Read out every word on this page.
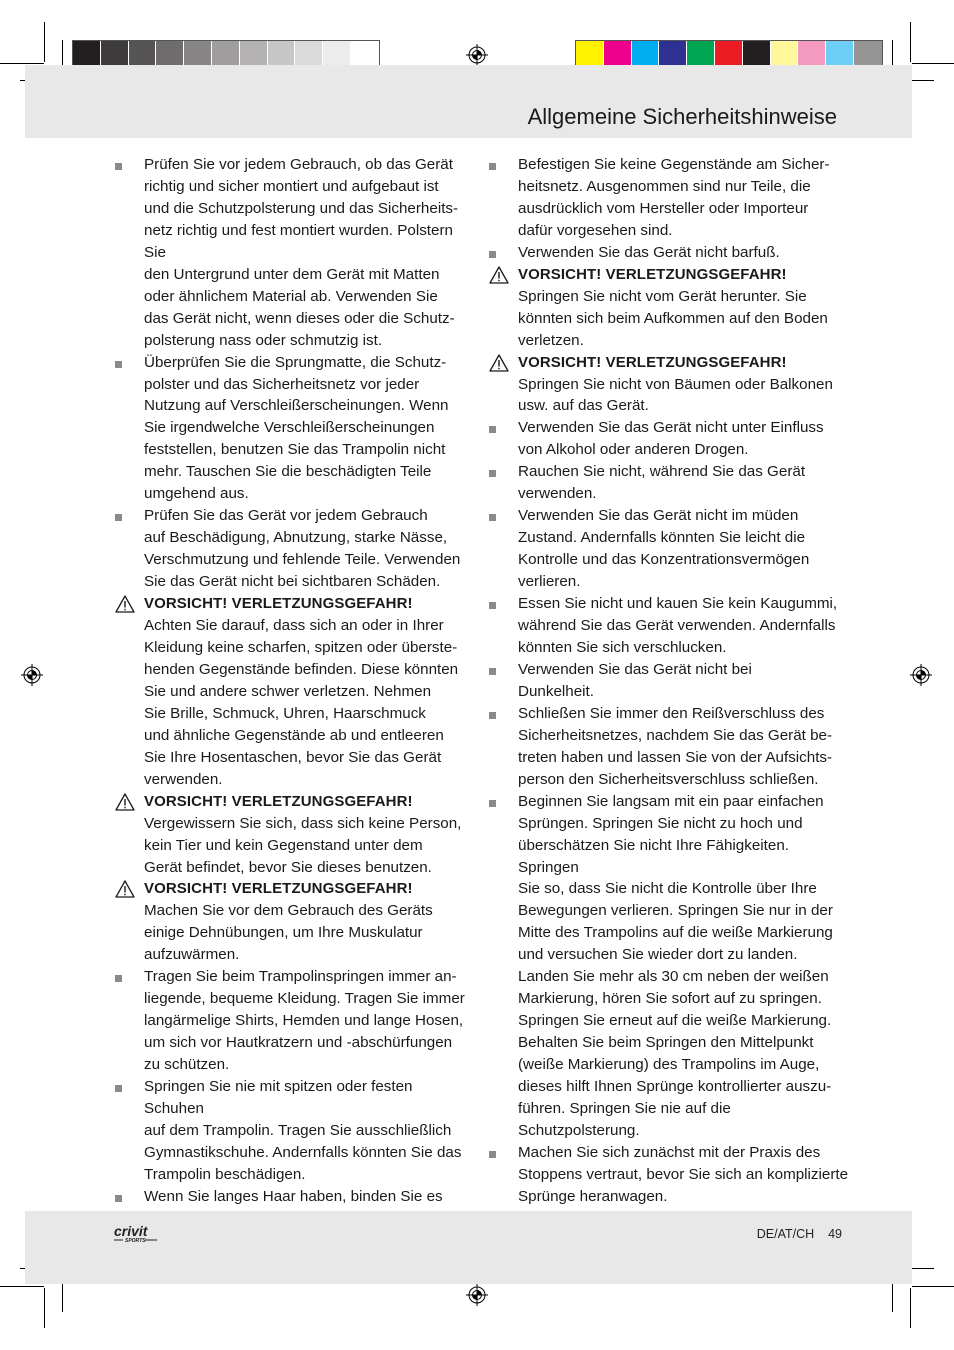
Allgemeine Sicherheitshinweise
Prüfen Sie vor jedem Gebrauch, ob das Gerät
richtig und sicher montiert und aufgebaut ist
und die Schutzpolsterung und das Sicherheits-
netz richtig und fest montiert wurden. Polstern Sie
den Untergrund unter dem Gerät mit Matten
oder ähnlichem Material ab. Verwenden Sie
das Gerät nicht, wenn dieses oder die Schutz-
polsterung nass oder schmutzig ist.
Überprüfen Sie die Sprungmatte, die Schutz-
polster und das Sicherheitsnetz vor jeder
Nutzung auf Verschleißerscheinungen. Wenn
Sie irgendwelche Verschleißerscheinungen
feststellen, benutzen Sie das Trampolin nicht
mehr. Tauschen Sie die beschädigten Teile
umgehend aus.
Prüfen Sie das Gerät vor jedem Gebrauch
auf Beschädigung, Abnutzung, starke Nässe,
Verschmutzung und fehlende Teile. Verwenden
Sie das Gerät nicht bei sichtbaren Schäden.
VORSICHT! VERLETZUNGSGEFAHR!
Achten Sie darauf, dass sich an oder in Ihrer
Kleidung keine scharfen, spitzen oder überste-
henden Gegenstände befinden. Diese könnten
Sie und andere schwer verletzen. Nehmen
Sie Brille, Schmuck, Uhren, Haarschmuck
und ähnliche Gegenstände ab und entleeren
Sie Ihre Hosentaschen, bevor Sie das Gerät
verwenden.
VORSICHT! VERLETZUNGSGEFAHR!
Vergewissern Sie sich, dass sich keine Person,
kein Tier und kein Gegenstand unter dem
Gerät befindet, bevor Sie dieses benutzen.
VORSICHT! VERLETZUNGSGEFAHR!
Machen Sie vor dem Gebrauch des Geräts
einige Dehnübungen, um Ihre Muskulatur
aufzuwärmen.
Tragen Sie beim Trampolinspringen immer an-
liegende, bequeme Kleidung. Tragen Sie immer
langärmelige Shirts, Hemden und lange Hosen,
um sich vor Hautkratzern und -abschürfungen
zu schützen.
Springen Sie nie mit spitzen oder festen Schuhen
auf dem Trampolin. Tragen Sie ausschließlich
Gymnastikschuhe. Andernfalls könnten Sie das
Trampolin beschädigen.
Wenn Sie langes Haar haben, binden Sie es

Befestigen Sie keine Gegenstände am Sicher-
heitsnetz. Ausgenommen sind nur Teile, die
ausdrücklich vom Hersteller oder Importeur
dafür vorgesehen sind.
Verwenden Sie das Gerät nicht barfuß.
VORSICHT! VERLETZUNGSGEFAHR!
Springen Sie nicht vom Gerät herunter. Sie
könnten sich beim Aufkommen auf den Boden
verletzen.
VORSICHT! VERLETZUNGSGEFAHR!
Springen Sie nicht von Bäumen oder Balkonen
usw. auf das Gerät.
Verwenden Sie das Gerät nicht unter Einfluss
von Alkohol oder anderen Drogen.
Rauchen Sie nicht, während Sie das Gerät
verwenden.
Verwenden Sie das Gerät nicht im müden
Zustand. Andernfalls könnten Sie leicht die
Kontrolle und das Konzentrationsvermögen
verlieren.
Essen Sie nicht und kauen Sie kein Kaugummi,
während Sie das Gerät verwenden. Andernfalls
könnten Sie sich verschlucken.
Verwenden Sie das Gerät nicht bei
Dunkelheit.
Schließen Sie immer den Reißverschluss des
Sicherheitsnetzes, nachdem Sie das Gerät be-
treten haben und lassen Sie von der Aufsichts-
person den Sicherheitsverschluss schließen.
Beginnen Sie langsam mit ein paar einfachen
Sprüngen. Springen Sie nicht zu hoch und
überschätzen Sie nicht Ihre Fähigkeiten. Springen
Sie so, dass Sie nicht die Kontrolle über Ihre
Bewegungen verlieren. Springen Sie nur in der
Mitte des Trampolins auf die weiße Markierung
und versuchen Sie wieder dort zu landen.
Landen Sie mehr als 30 cm neben der weißen
Markierung, hören Sie sofort auf zu springen.
Springen Sie erneut auf die weiße Markierung.
Behalten Sie beim Springen den Mittelpunkt
(weiße Markierung) des Trampolins im Auge,
dieses hilft Ihnen Sprünge kontrollierter auszu-
führen. Springen Sie nie auf die Schutzpolsterung.
Machen Sie sich zunächst mit der Praxis des
Stoppens vertraut, bevor Sie sich an komplizierte
Sprünge heranwagen.
crivit
SPORTS	DE/AT/CH 49
